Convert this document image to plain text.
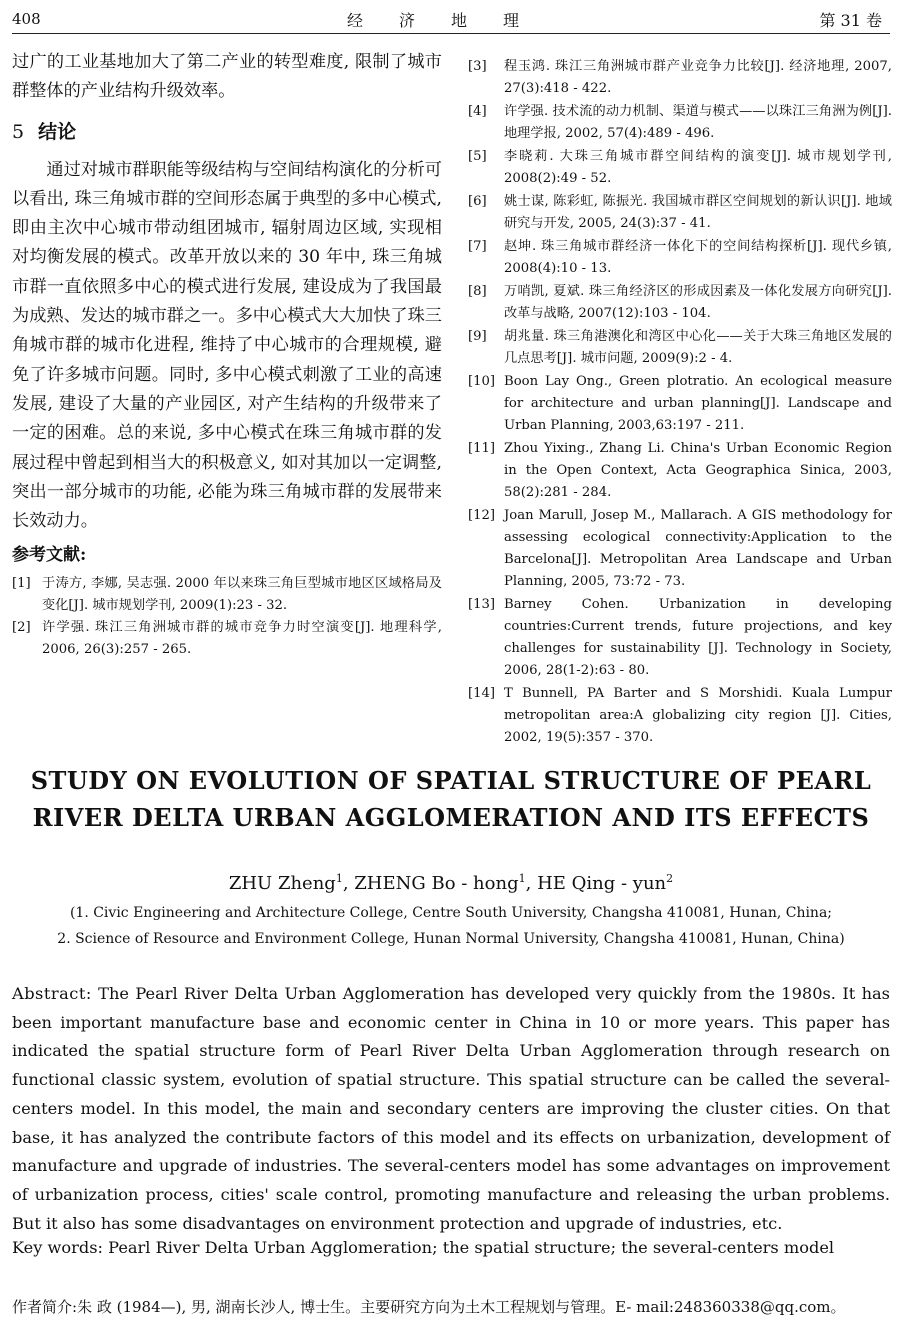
408	经济地理	第 31 卷

过广的工业基地加大了第二产业的转型难度, 限制了城市群整体的产业结构升级效率。

5 结论

通过对城市群职能等级结构与空间结构演化的分析可以看出, 珠三角城市群的空间形态属于典型的多中心模式, 即由主次中心城市带动组团城市, 辐射周边区域, 实现相对均衡发展的模式。改革开放以来的 30 年中, 珠三角城市群一直依照多中心的模式进行发展, 建设成为了我国最为成熟、发达的城市群之一。多中心模式大大加快了珠三角城市群的城市化进程, 维持了中心城市的合理规模, 避免了许多城市问题。同时, 多中心模式刺激了工业的高速发展, 建设了大量的产业园区, 对产生结构的升级带来了一定的困难。总的来说, 多中心模式在珠三角城市群的发展过程中曾起到相当大的积极意义, 如对其加以一定调整, 突出一部分城市的功能, 必能为珠三角城市群的发展带来长效动力。

参考文献:
[1] 于涛方, 李娜, 吴志强. 2000 年以来珠三角巨型城市地区区域格局及变化[J]. 城市规划学刊, 2009(1):23 - 32.
[2] 许学强. 珠江三角洲城市群的城市竞争力时空演变[J]. 地理科学, 2006, 26(3):257 - 265.
[3]	程玉鸿. 珠江三角洲城市群产业竞争力比较[J]. 经济地理, 2007, 27(3):418 - 422.
[4]	许学强. 技术流的动力机制、渠道与模式——以珠江三角洲为例[J]. 地理学报, 2002, 57(4):489 - 496.
[5]	李晓莉. 大珠三角城市群空间结构的演变[J]. 城市规划学刊, 2008(2):49 - 52.
[6]	姚士谋, 陈彩虹, 陈振光. 我国城市群区空间规划的新认识[J]. 地域研究与开发, 2005, 24(3):37 - 41.
[7]	赵坤. 珠三角城市群经济一体化下的空间结构探析[J]. 现代乡镇, 2008(4):10 - 13.
[8]	万哨凯, 夏斌. 珠三角经济区的形成因素及一体化发展方向研究[J]. 改革与战略, 2007(12):103 - 104.
[9]	胡兆量. 珠三角港澳化和湾区中心化——关于大珠三角地区发展的几点思考[J]. 城市问题, 2009(9):2 - 4.
[10] Boon Lay Ong., Green plotratio. An ecological measure for architecture and urban planning[J]. Landscape and Urban Planning, 2003,63:197 - 211.
[11] Zhou Yixing., Zhang Li. China's Urban Economic Region in the Open Context, Acta Geographica Sinica, 2003, 58(2):281 - 284.
[12] Joan Marull, Josep M., Mallarach. A GIS methodology for assessing ecological connectivity:Application to the Barcelona[J]. Metropolitan Area Landscape and Urban Planning, 2005, 73:72 - 73.
[13] Barney Cohen. Urbanization in developing countries:Current trends, future projections, and key challenges for sustainability [J]. Technology in Society, 2006, 28(1-2):63 - 80.
[14] T Bunnell, PA Barter and S Morshidi. Kuala Lumpur metropolitan area:A globalizing city region [J]. Cities, 2002, 19(5):357 - 370.
STUDY ON EVOLUTION OF SPATIAL STRUCTURE OF PEARL RIVER DELTA URBAN AGGLOMERATION AND ITS EFFECTS
ZHU Zheng$^1$, ZHENG Bo - hong$^1$, HE Qing - yun$^2$
(1. Civic Engineering and Architecture College, Centre South University, Changsha 410081, Hunan, China;
2. Science of Resource and Environment College, Hunan Normal University, Changsha 410081, Hunan, China)

Abstract: The Pearl River Delta Urban Agglomeration has developed very quickly from the 1980s. It has been important manufacture base and economic center in China in 10 or more years. This paper has indicated the spatial structure form of Pearl River Delta Urban Agglomeration through research on functional classic system, evolution of spatial structure. This spatial structure can be called the several- centers model. In this model, the main and secondary centers are improving the cluster cities. On that base, it has analyzed the contribute factors of this model and its effects on urbanization, development of manufacture and upgrade of industries. The several-centers model has some advantages on improvement of urbanization process, cities' scale control, promoting manufacture and releasing the urban problems. But it also has some disadvantages on environment protection and upgrade of industries, etc.

Key words: Pearl River Delta Urban Agglomeration; the spatial structure; the several-centers model

作者简介:朱 政 (1984—), 男, 湖南长沙人, 博士生。主要研究方向为土木工程规划与管理。E- mail:248360338@qq.com。
